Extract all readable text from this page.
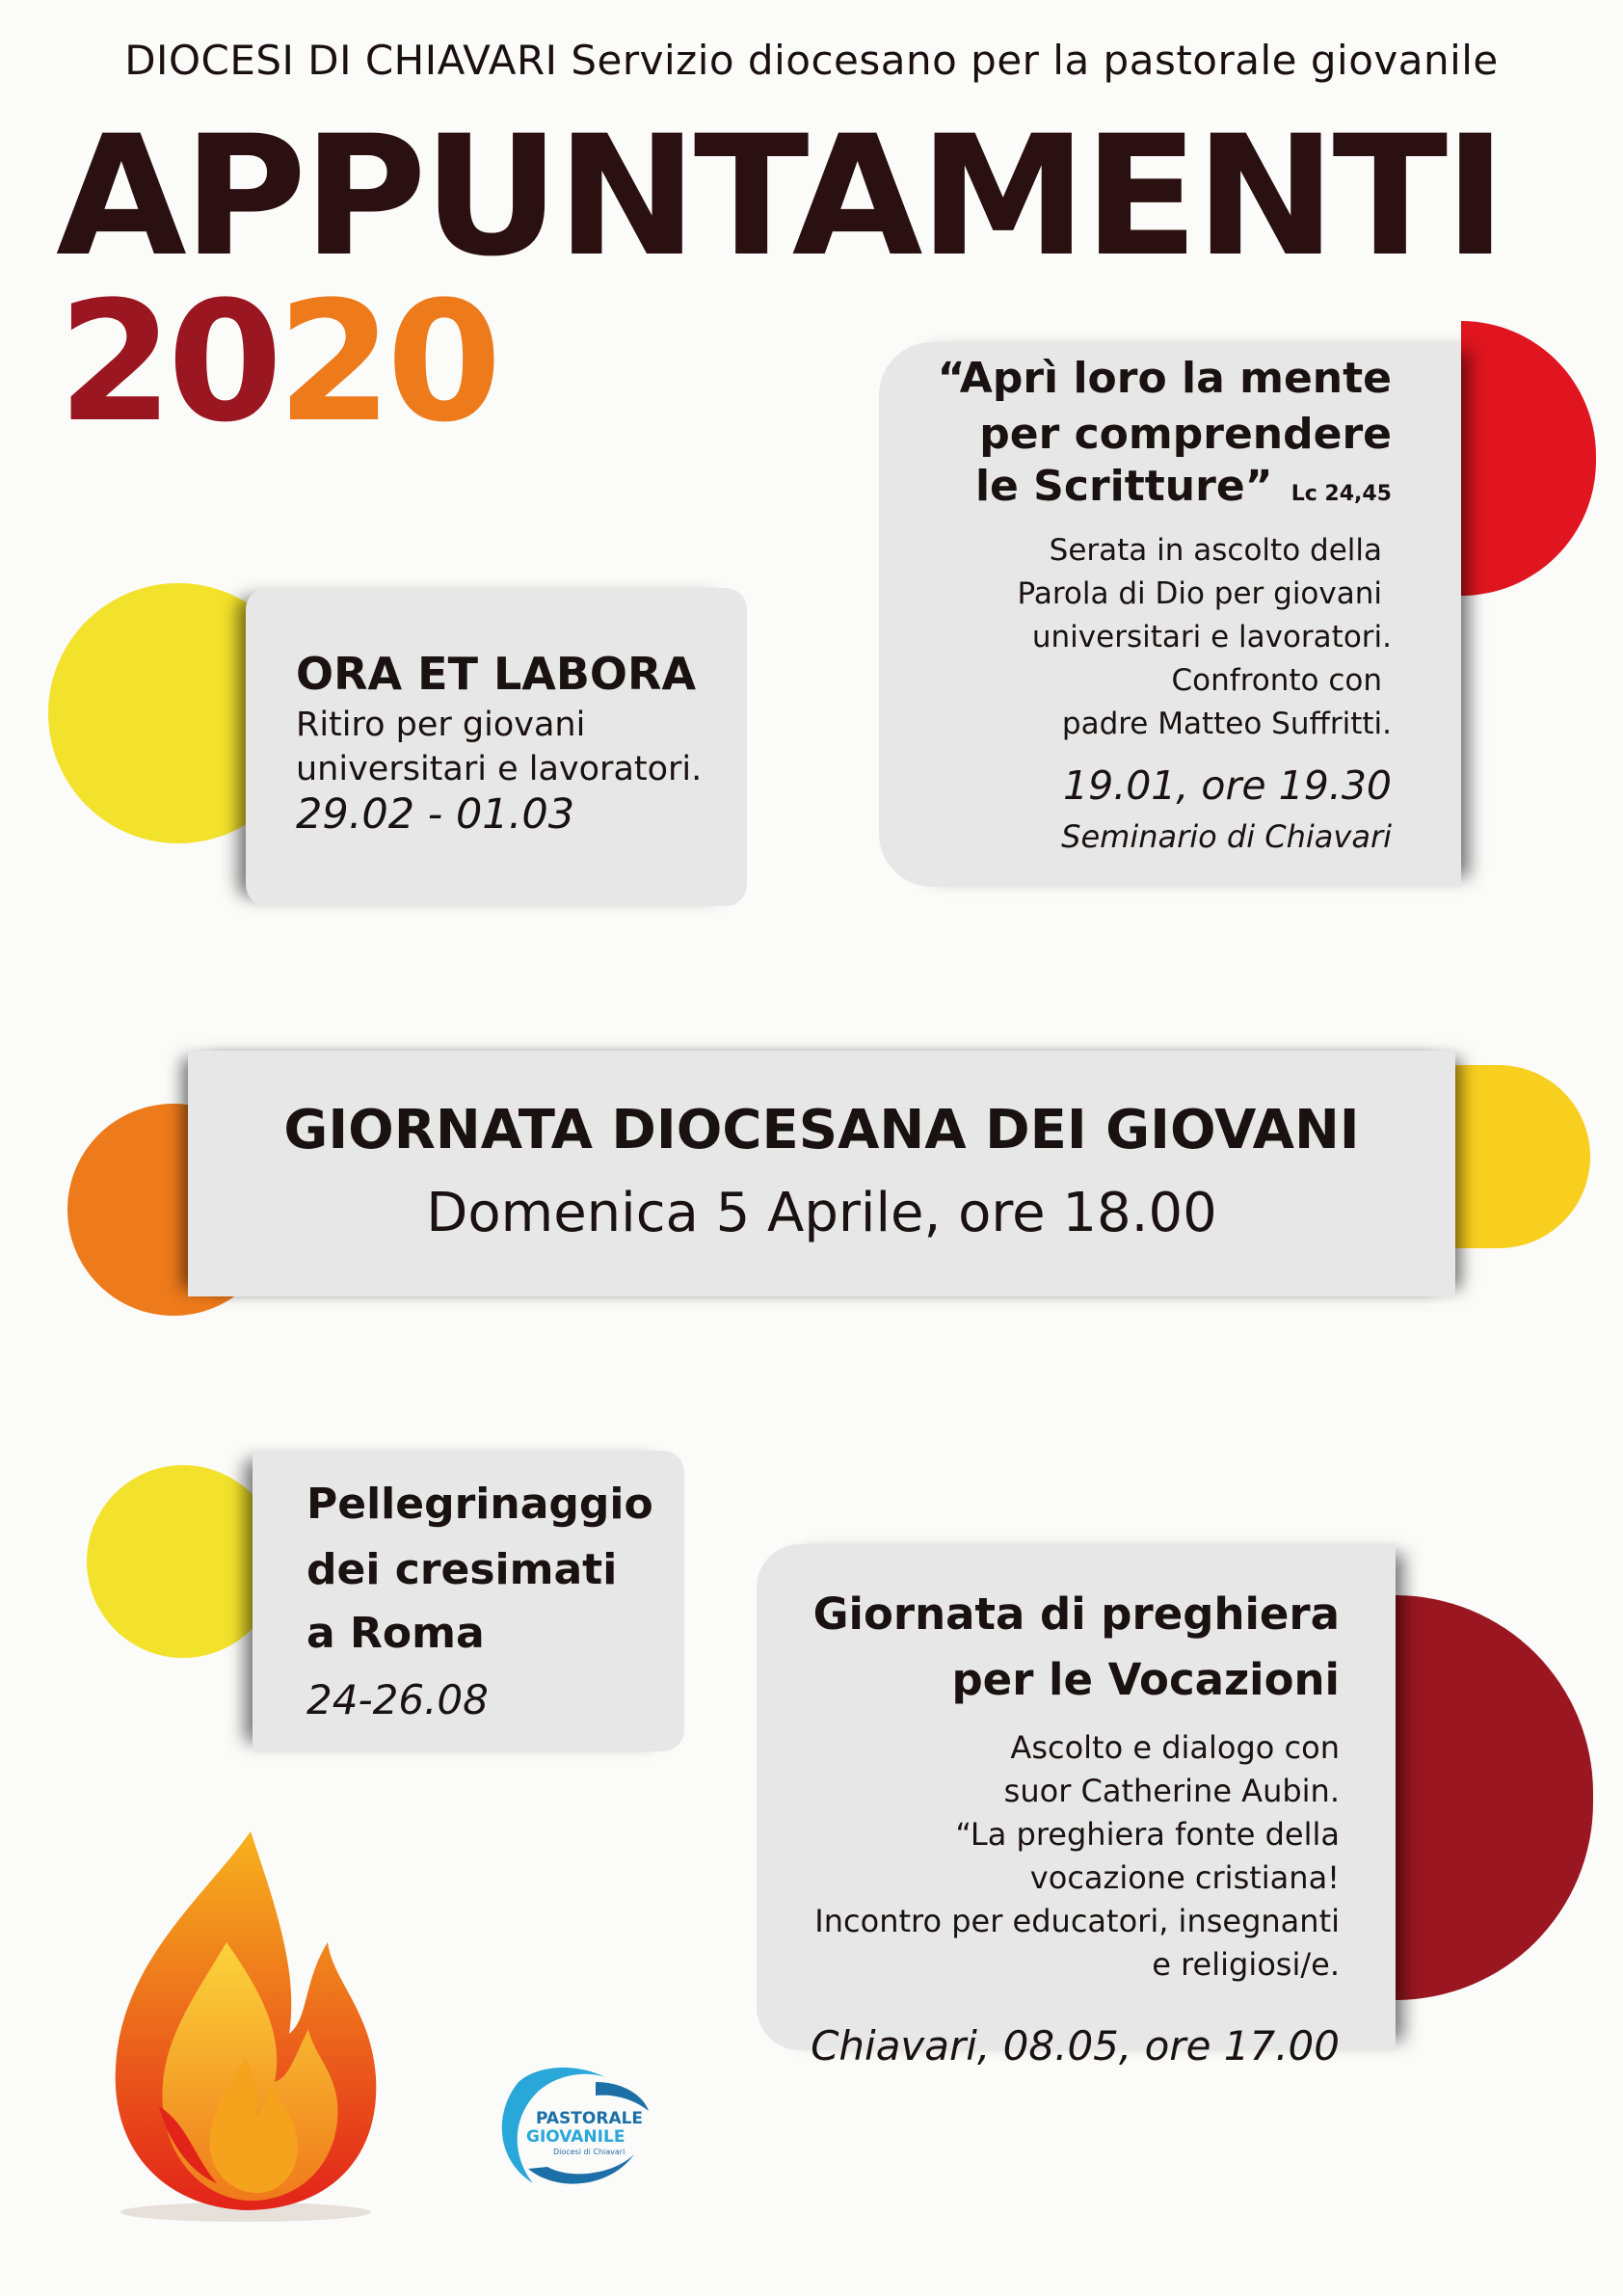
DIOCESI DI CHIAVARI Servizio diocesano per la pastorale giovanile
APPUNTAMENTI
2020
ORA ET LABORA
Ritiro per giovani
universitari e lavoratori.
29.02 - 01.03
“Aprì loro la mente
per comprendere
le Scritture” Lc 24,45
Serata in ascolto della
Parola di Dio per giovani
universitari e lavoratori.
Confronto con
padre Matteo Suffritti.
19.01, ore 19.30
Seminario di Chiavari
GIORNATA DIOCESANA DEI GIOVANI
Domenica 5 Aprile, ore 18.00
Pellegrinaggio
dei cresimati
a Roma
24-26.08
Giornata di preghiera
per le Vocazioni
Ascolto e dialogo con
suor Catherine Aubin.
“La preghiera fonte della
vocazione cristiana!
Incontro per educatori, insegnanti
e religiosi/e.
Chiavari, 08.05, ore 17.00
PASTORALE
GIOVANILE
Diocesi di Chiavari
